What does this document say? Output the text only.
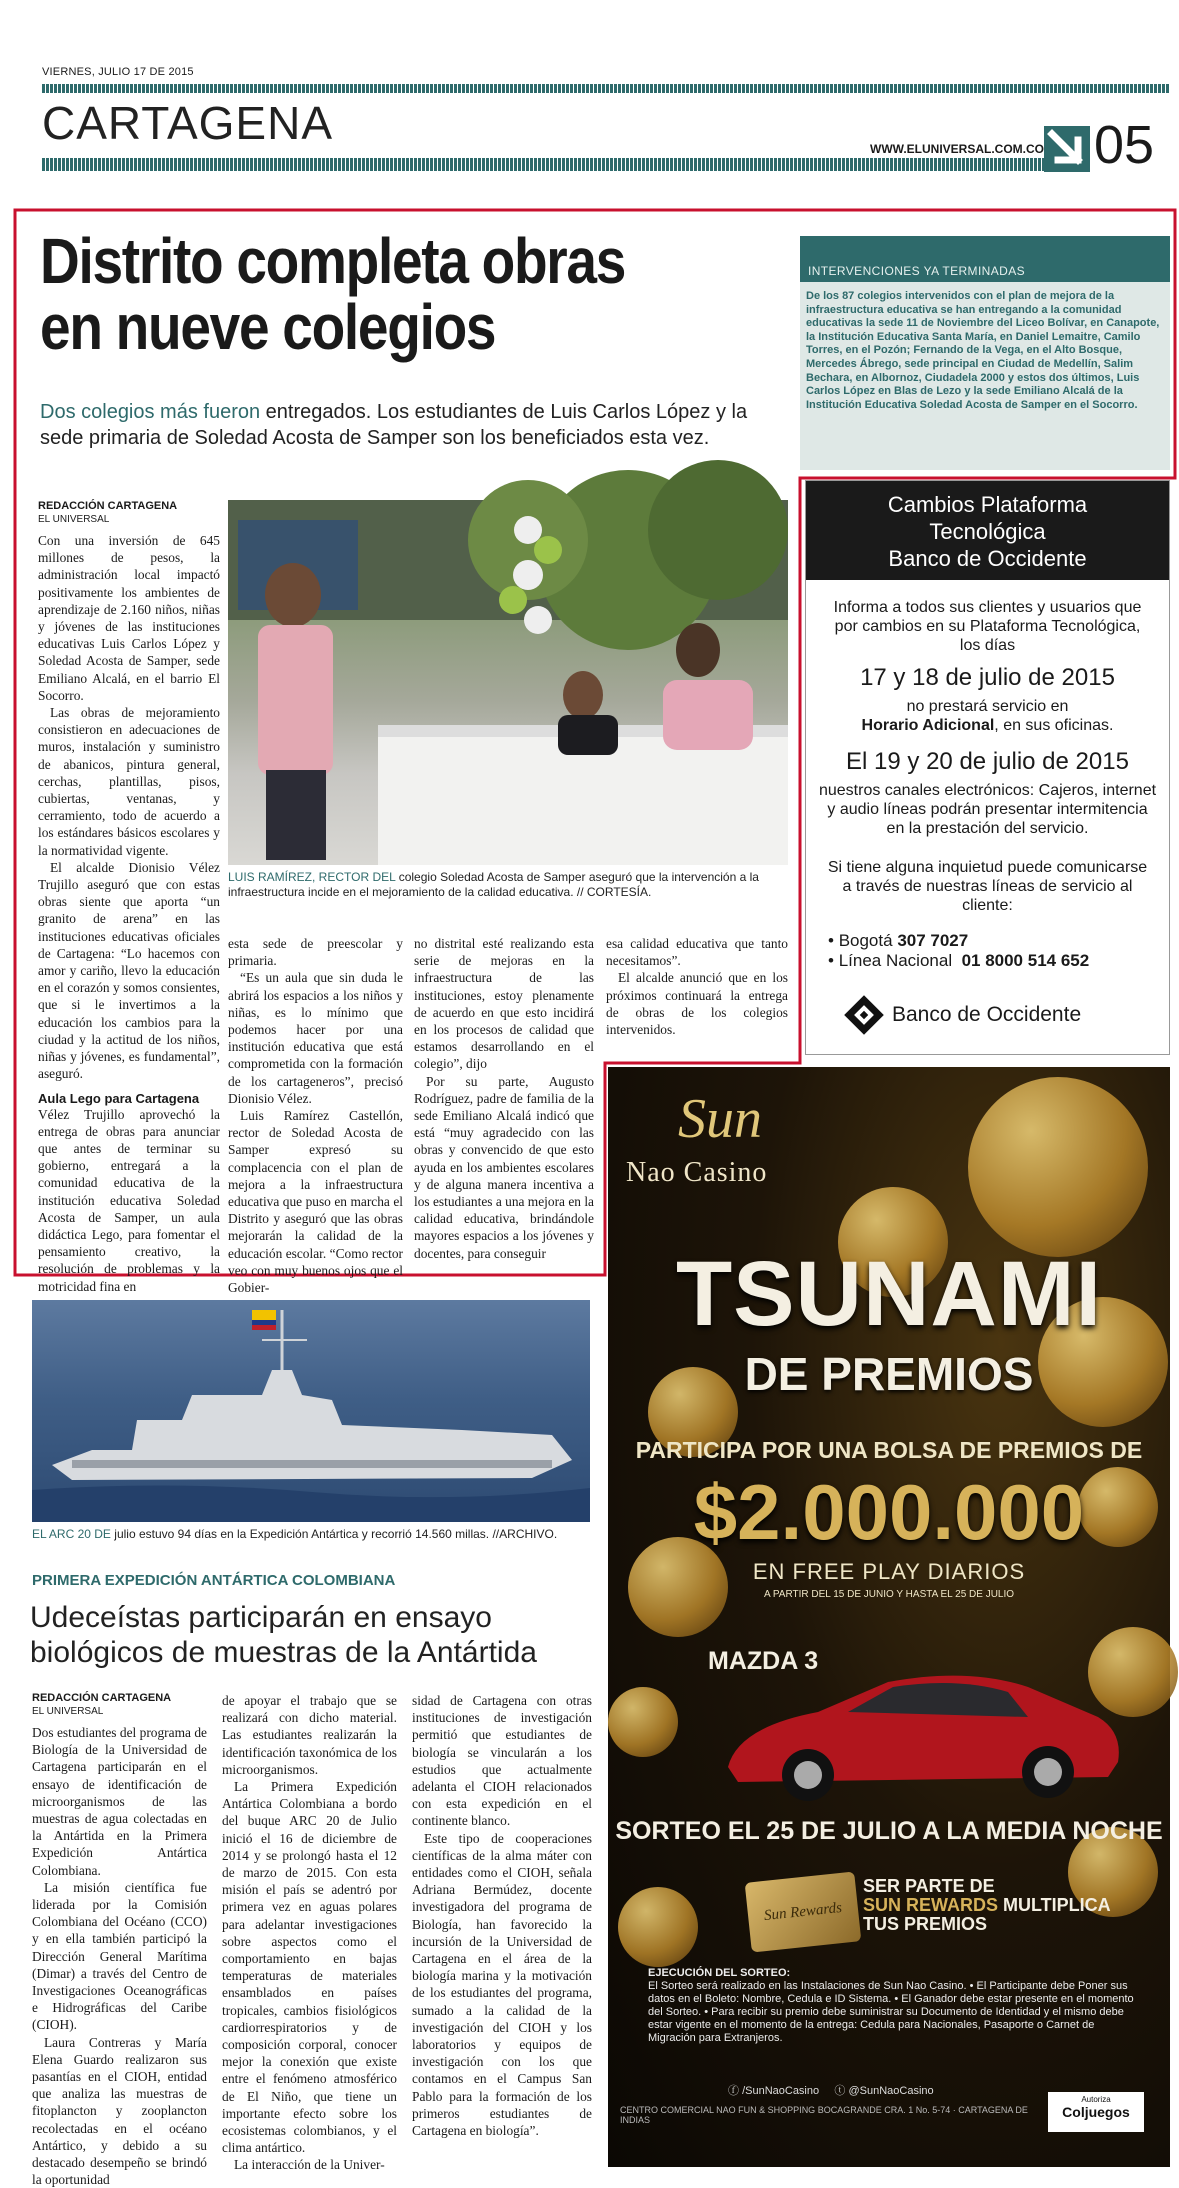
VIERNES, JULIO 17 DE 2015
CARTAGENA	WWW.ELUNIVERSAL.COM.CO 05
Distrito completa obras
en nueve colegios
Dos colegios más fueron entregados. Los estudiantes de Luis Carlos López y la sede primaria de Soledad Acosta de Samper son los beneficiados esta vez.
INTERVENCIONES YA TERMINADAS
De los 87 colegios intervenidos con el plan de mejora de la infraestructura educativa se han entregando a la comunidad educativas la sede 11 de Noviembre del Liceo Bolívar, en Canapote, la Institución Educativa Santa María, en Daniel Lemaitre, Camilo Torres, en el Pozón; Fernando de la Vega, en el Alto Bosque, Mercedes Ábrego, sede principal en Ciudad de Medellín, Salim Bechara, en Albornoz, Ciudadela 2000 y estos dos últimos, Luis Carlos López en Blas de Lezo y la sede Emiliano Alcalá de la Institución Educativa Soledad Acosta de Samper en el Socorro.
REDACCIÓN CARTAGENA
EL UNIVERSAL

Con una inversión de 645 millones de pesos, la administración local impactó positivamente los ambientes de aprendizaje de 2.160 niños, niñas y jóvenes de las instituciones educativas Luis Carlos López y Soledad Acosta de Samper, sede Emiliano Alcalá, en el barrio El Socorro.

Las obras de mejoramiento consistieron en adecuaciones de muros, instalación y suministro de abanicos, pintura general, cerchas, plantillas, pisos, cubiertas, ventanas, y cerramiento, todo de acuerdo a los estándares básicos escolares y la normatividad vigente.

El alcalde Dionisio Vélez Trujillo aseguró que con estas obras siente que aporta “un granito de arena” en las instituciones educativas oficiales de Cartagena: “Lo hacemos con amor y cariño, llevo la educación en el corazón y somos consientes, que si le invertimos a la educación los cambios para la ciudad y la actitud de los niños, niñas y jóvenes, es fundamental”, aseguró.

Aula Lego para Cartagena

Vélez Trujillo aprovechó la entrega de obras para anunciar que antes de terminar su gobierno, entregará a la comunidad educativa de la institución educativa Soledad Acosta de Samper, un aula didáctica Lego, para fomentar el pensamiento creativo, la resolución de problemas y la motricidad fina en

LUIS RAMÍREZ, RECTOR DEL colegio Soledad Acosta de Samper aseguró que la intervención a la infraestructura incide en el mejoramiento de la calidad educativa. // CORTESÍA.

esta sede de preescolar y primaria.

“Es un aula que sin duda le abrirá los espacios a los niños y niñas, es lo mínimo que podemos hacer por una institución educativa que está comprometida con la formación de los cartageneros”, precisó Dionisio Vélez.

Luis Ramírez Castellón, rector de Soledad Acosta de Samper expresó su complacencia con el plan de mejora a la infraestructura educativa que puso en marcha el Distrito y aseguró que las obras mejorarán la calidad de la educación escolar. “Como rector veo con muy buenos ojos que el Gobier-

no distrital esté realizando esta serie de mejoras en la infraestructura de las instituciones, estoy plenamente de acuerdo en que esto incidirá en los procesos de calidad que estamos desarrollando en el colegio”, dijo

Por su parte, Augusto Rodríguez, padre de familia de la sede Emiliano Alcalá indicó que está “muy agradecido con las obras y convencido de que esto ayuda en los ambientes escolares y de alguna manera incentiva a los estudiantes a una mejora en la calidad educativa, brindándole mayores espacios a los jóvenes y docentes, para conseguir

esa calidad educativa que tanto necesitamos”.

El alcalde anunció que en los próximos continuará la entrega de obras de los colegios intervenidos.

Cambios Plataforma
Tecnológica
Banco de Occidente
Informa a todos sus clientes y usuarios que por cambios en su Plataforma Tecnológica, los días
17 y 18 de julio de 2015
no prestará servicio en
Horario Adicional, en sus oficinas.
El 19 y 20 de julio de 2015
nuestros canales electrónicos: Cajeros, internet y audio líneas podrán presentar intermitencia en la prestación del servicio.
Si tiene alguna inquietud puede comunicarse a través de nuestras líneas de servicio al cliente:
• Bogotá 307 7027
• Línea Nacional 01 8000 514 652
Banco de Occidente
Sun
Nao Casino
TSUNAMI
DE PREMIOS
PARTICIPA POR UNA BOLSA DE PREMIOS DE
$2.000.000
EN FREE PLAY DIARIOS
A PARTIR DEL 15 DE JUNIO Y HASTA EL 25 DE JULIO
MAZDA 3
SORTEO EL 25 DE JULIO A LA MEDIA NOCHE
Sun Rewards
SER PARTE DE
SUN REWARDS MULTIPLICA
TUS PREMIOS
EJECUCIÓN DEL SORTEO:
El Sorteo será realizado en las Instalaciones de Sun Nao Casino. • El Participante debe Poner sus datos en el Boleto: Nombre, Cedula e ID Sistema. • El Ganador debe estar presente en el momento del Sorteo. • Para recibir su premio debe suministrar su Documento de Identidad y el mismo debe estar vigente en el momento de la entrega: Cedula para Nacionales, Pasaporte o Carnet de Migración para Extranjeros.
ⓕ /SunNaoCasino ⓣ @SunNaoCasino
CENTRO COMERCIAL NAO FUN & SHOPPING BOCAGRANDE CRA. 1 No. 5-74 · CARTAGENA DE INDIAS
Autoriza
Coljuegos
EL ARC 20 DE julio estuvo 94 días en la Expedición Antártica y recorrió 14.560 millas. //ARCHIVO.
PRIMERA EXPEDICIÓN ANTÁRTICA COLOMBIANA
Udeceístas participarán en ensayo
biológicos de muestras de la Antártida
REDACCIÓN CARTAGENA
EL UNIVERSAL

Dos estudiantes del programa de Biología de la Universidad de Cartagena participarán en el ensayo de identificación de microorganismos de las muestras de agua colectadas en la Antártida en la Primera Expedición Antártica Colombiana.

La misión científica fue liderada por la Comisión Colombiana del Océano (CCO) y en ella también participó la Dirección General Marítima (Dimar) a través del Centro de Investigaciones Oceanográficas e Hidrográficas del Caribe (CIOH).

Laura Contreras y María Elena Guardo realizaron sus pasantías en el CIOH, entidad que analiza las muestras de fitoplancton y zooplancton recolectadas en el océano Antártico, y debido a su destacado desempeño se brindó la oportunidad

de apoyar el trabajo que se realizará con dicho material. Las estudiantes realizarán la identificación taxonómica de los microorganismos.

La Primera Expedición Antártica Colombiana a bordo del buque ARC 20 de Julio inició el 16 de diciembre de 2014 y se prolongó hasta el 12 de marzo de 2015. Con esta misión el país se adentró por primera vez en aguas polares para adelantar investigaciones sobre aspectos como el comportamiento en bajas temperaturas de materiales ensamblados en países tropicales, cambios fisiológicos cardiorrespiratorios y de composición corporal, conocer mejor la conexión que existe entre el fenómeno atmosférico de El Niño, que tiene un importante efecto sobre los ecosistemas colombianos, y el clima antártico.

La interacción de la Univer-

sidad de Cartagena con otras instituciones de investigación permitió que estudiantes de biología se vincularán a los estudios que actualmente adelanta el CIOH relacionados con esta expedición en el continente blanco.

Este tipo de cooperaciones científicas de la alma máter con entidades como el CIOH, señala Adriana Bermúdez, docente investigadora del programa de Biología, han favorecido la incursión de la Universidad de Cartagena en el área de la biología marina y la motivación de los estudiantes del programa, sumado a la calidad de la investigación del CIOH y los laboratorios y equipos de investigación con los que contamos en el Campus San Pablo para la formación de los primeros estudiantes de Cartagena en biología”.
